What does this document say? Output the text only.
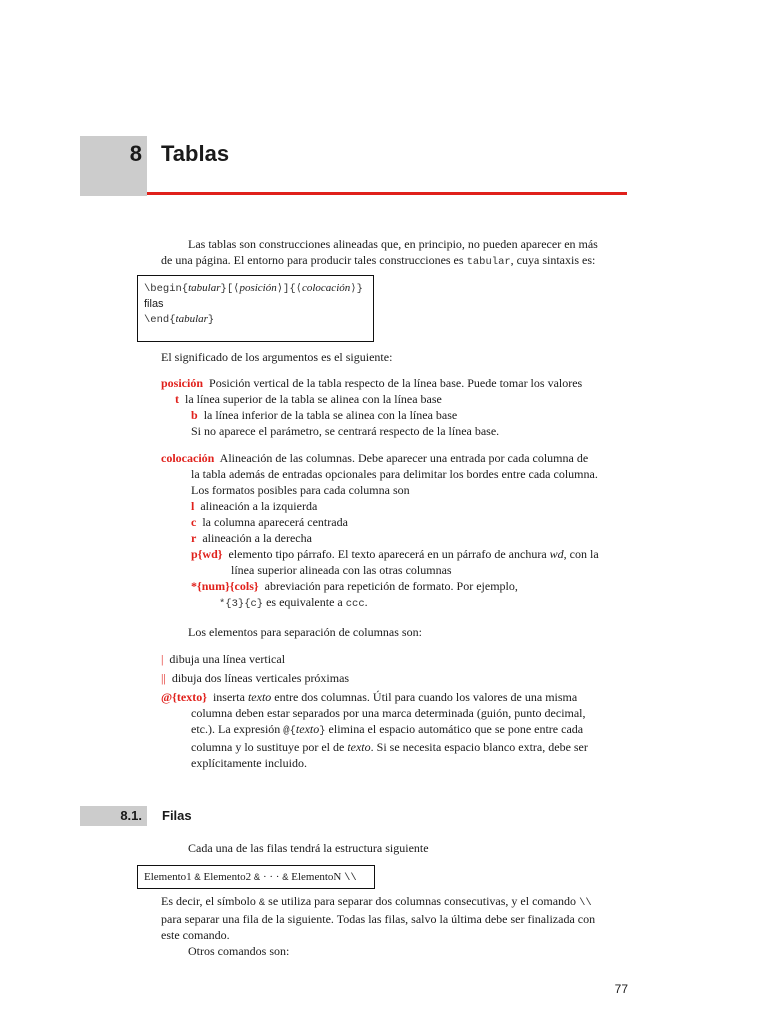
8 Tablas
Las tablas son construcciones alineadas que, en principio, no pueden aparecer en más
de una página. El entorno para producir tales construcciones es tabular, cuya sintaxis es:
\begin{tabular}[⟨posición⟩]{⟨colocación⟩}
filas
\end{tabular}
El significado de los argumentos es el siguiente:
posición Posición vertical de la tabla respecto de la línea base. Puede tomar los valores
t la línea superior de la tabla se alinea con la línea base
b la línea inferior de la tabla se alinea con la línea base
Si no aparece el parámetro, se centrará respecto de la línea base.
colocación Alineación de las columnas. Debe aparecer una entrada por cada columna de
la tabla además de entradas opcionales para delimitar los bordes entre cada columna.
Los formatos posibles para cada columna son
l alineación a la izquierda
c la columna aparecerá centrada
r alineación a la derecha
p{wd} elemento tipo párrafo. El texto aparecerá en un párrafo de anchura wd, con la
línea superior alineada con las otras columnas
*{num}{cols} abreviación para repetición de formato. Por ejemplo,
*{3}{c} es equivalente a ccc.
Los elementos para separación de columnas son:
| dibuja una línea vertical
|| dibuja dos líneas verticales próximas
@{texto} inserta texto entre dos columnas. Útil para cuando los valores de una misma
columna deben estar separados por una marca determinada (guión, punto decimal,
etc.). La expresión @{texto} elimina el espacio automático que se pone entre cada
columna y lo sustituye por el de texto. Si se necesita espacio blanco extra, debe ser
explícitamente incluido.
8.1. Filas
Cada una de las filas tendrá la estructura siguiente
Elemento1 & Elemento2 & · · · & ElementoN \\
Es decir, el símbolo & se utiliza para separar dos columnas consecutivas, y el comando \\
para separar una fila de la siguiente. Todas las filas, salvo la última debe ser finalizada con
este comando.
Otros comandos son:
77
